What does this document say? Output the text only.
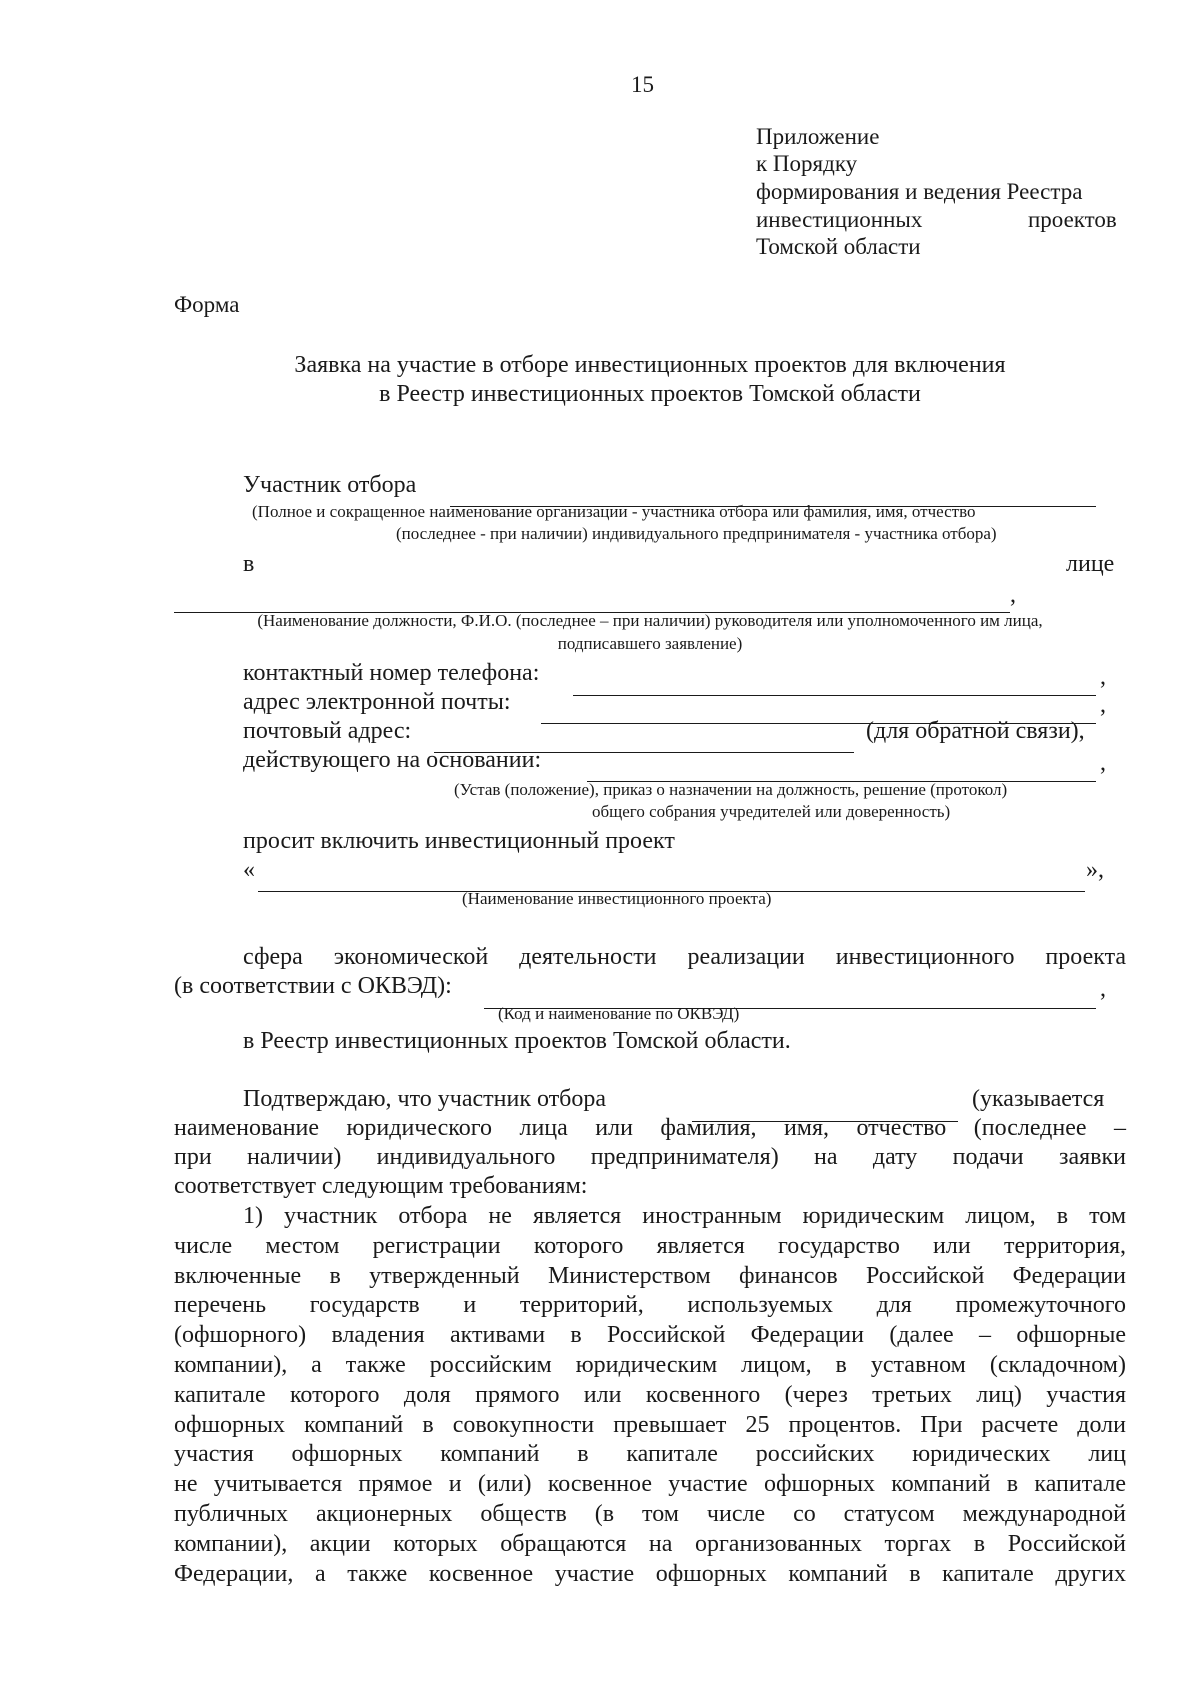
15
Приложение
к Порядку
формирования и ведения Реестра
инвестиционных	проектов
Томской области
Форма
Заявка на участие в отборе инвестиционных проектов для включения
в Реестр инвестиционных проектов Томской области
Участник отбора
(Полное и сокращенное наименование организации - участника отбора или фамилия, имя, отчество
(последнее - при наличии) индивидуального предпринимателя - участника отбора)
в	лице
,
(Наименование должности, Ф.И.О. (последнее – при наличии) руководителя или уполномоченного им лица,
подписавшего заявление)
контактный номер телефона:	,
адрес электронной почты:	,
почтовый адрес:	(для обратной связи),
действующего на основании:	,
(Устав (положение), приказ о назначении на должность, решение (протокол)
общего собрания учредителей или доверенность)
просит включить инвестиционный проект
«	»,
(Наименование инвестиционного проекта)
сфера экономической деятельности реализации инвестиционного проекта
(в соответствии с ОКВЭД):	,
(Код и наименование по ОКВЭД)
в Реестр инвестиционных проектов Томской области.
Подтверждаю, что участник отбора	(указывается
наименование юридического лица или фамилия, имя, отчество (последнее –
при наличии) индивидуального предпринимателя) на дату подачи заявки
соответствует следующим требованиям:

1) участник отбора не является иностранным юридическим лицом, в том

числе местом регистрации которого является государство или территория,

включенные в утвержденный Министерством финансов Российской Федерации

перечень государств и территорий, используемых для промежуточного

(офшорного) владения активами в Российской Федерации (далее – офшорные

компании), а также российским юридическим лицом, в уставном (складочном)

капитале которого доля прямого или косвенного (через третьих лиц) участия

офшорных компаний в совокупности превышает 25 процентов. При расчете доли

участия офшорных компаний в капитале российских юридических лиц

не учитывается прямое и (или) косвенное участие офшорных компаний в капитале

публичных акционерных обществ (в том числе со статусом международной

компании), акции которых обращаются на организованных торгах в Российской

Федерации, а также косвенное участие офшорных компаний в капитале других
